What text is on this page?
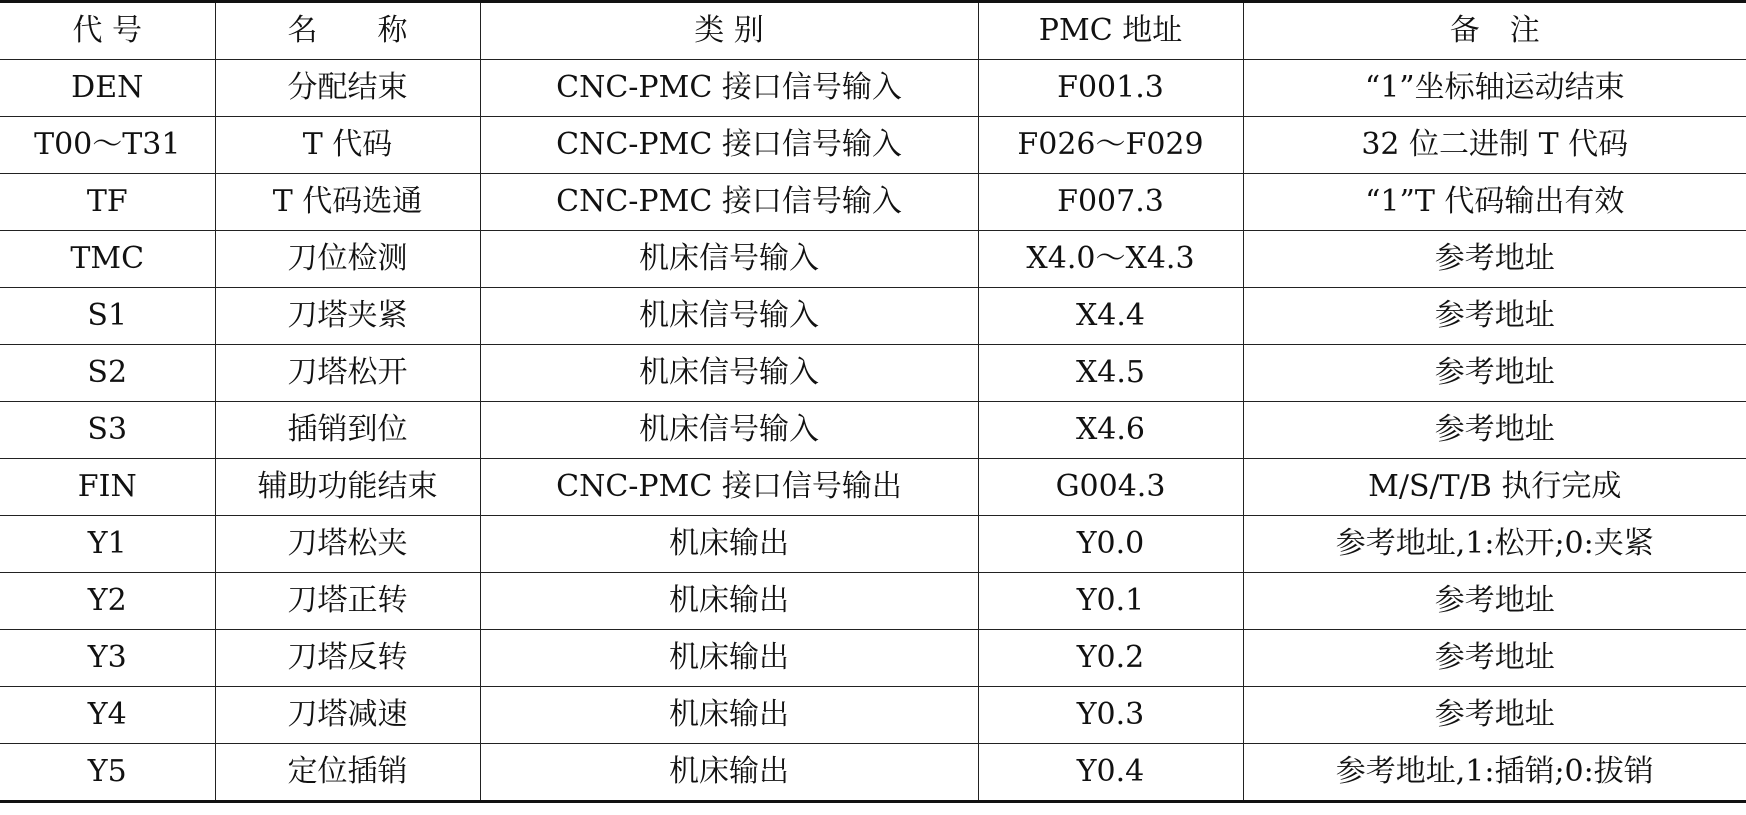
代 号	名　　称	类 别	PMC 地址	备　注
DEN	分配结束	CNC-PMC 接口信号输入	F001.3	“1”坐标轴运动结束
T00～T31	T 代码	CNC-PMC 接口信号输入	F026～F029	32 位二进制 T 代码
TF	T 代码选通	CNC-PMC 接口信号输入	F007.3	“1”T 代码输出有效
TMC	刀位检测	机床信号输入	X4.0～X4.3	参考地址
S1	刀塔夹紧	机床信号输入	X4.4	参考地址
S2	刀塔松开	机床信号输入	X4.5	参考地址
S3	插销到位	机床信号输入	X4.6	参考地址
FIN	辅助功能结束	CNC-PMC 接口信号输出	G004.3	M/S/T/B 执行完成
Y1	刀塔松夹	机床输出	Y0.0	参考地址,1:松开;0:夹紧
Y2	刀塔正转	机床输出	Y0.1	参考地址
Y3	刀塔反转	机床输出	Y0.2	参考地址
Y4	刀塔减速	机床输出	Y0.3	参考地址
Y5	定位插销	机床输出	Y0.4	参考地址,1:插销;0:拔销
